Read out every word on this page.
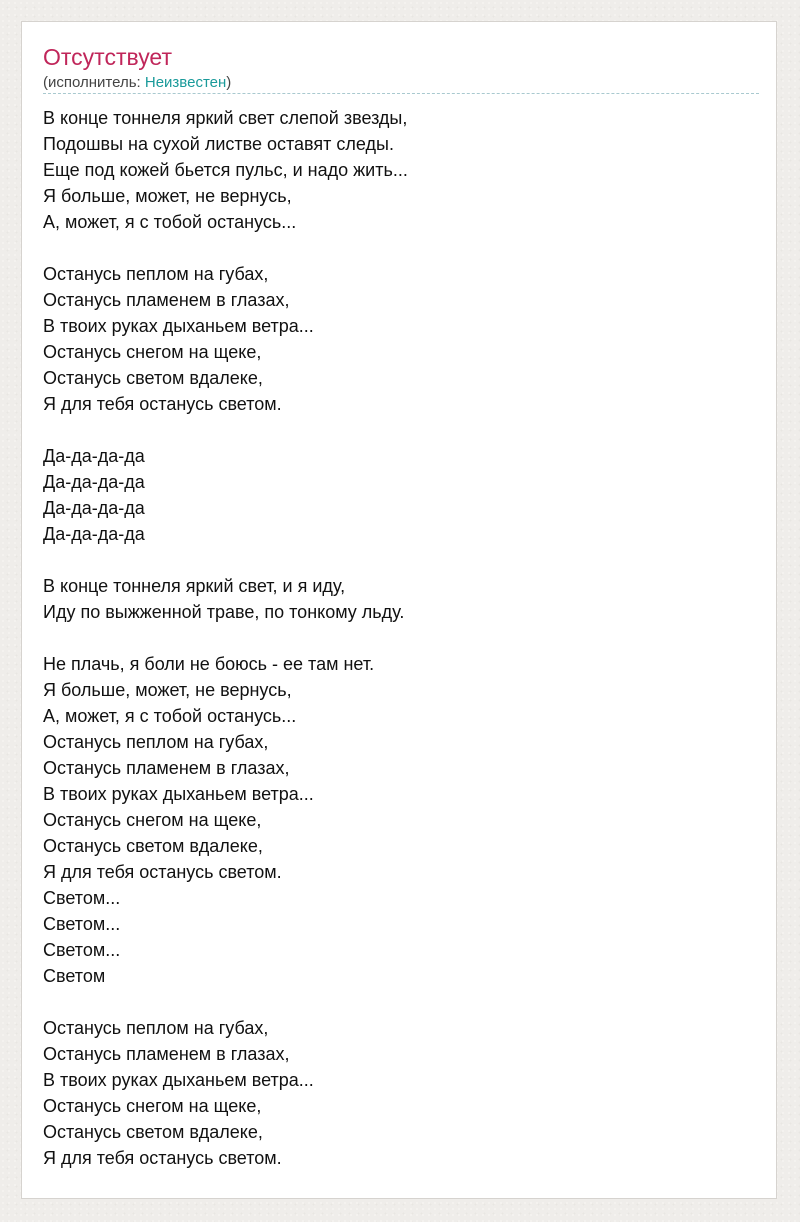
Отсутствует
(исполнитель: Неизвестен)
В конце тоннеля яркий свет слепой звезды,
Подошвы на сухой листве оставят следы.
Еще под кожей бьется пульс, и надо жить...
Я больше, может, не вернусь,
А, может, я с тобой останусь...
Останусь пеплом на губах,
Останусь пламенем в глазах,
В твоих руках дыханьем ветра...
Останусь снегом на щеке,
Останусь светом вдалеке,
Я для тебя останусь светом.
Да-да-да-да
Да-да-да-да
Да-да-да-да
Да-да-да-да
В конце тоннеля яркий свет, и я иду,
Иду по выжженной траве, по тонкому льду.
Не плачь, я боли не боюсь - ее там нет.
Я больше, может, не вернусь,
А, может, я с тобой останусь...
Останусь пеплом на губах,
Останусь пламенем в глазах,
В твоих руках дыханьем ветра...
Останусь снегом на щеке,
Останусь светом вдалеке,
Я для тебя останусь светом.
Светом...
Светом...
Светом...
Светом
Останусь пеплом на губах,
Останусь пламенем в глазах,
В твоих руках дыханьем ветра...
Останусь снегом на щеке,
Останусь светом вдалеке,
Я для тебя останусь светом.
